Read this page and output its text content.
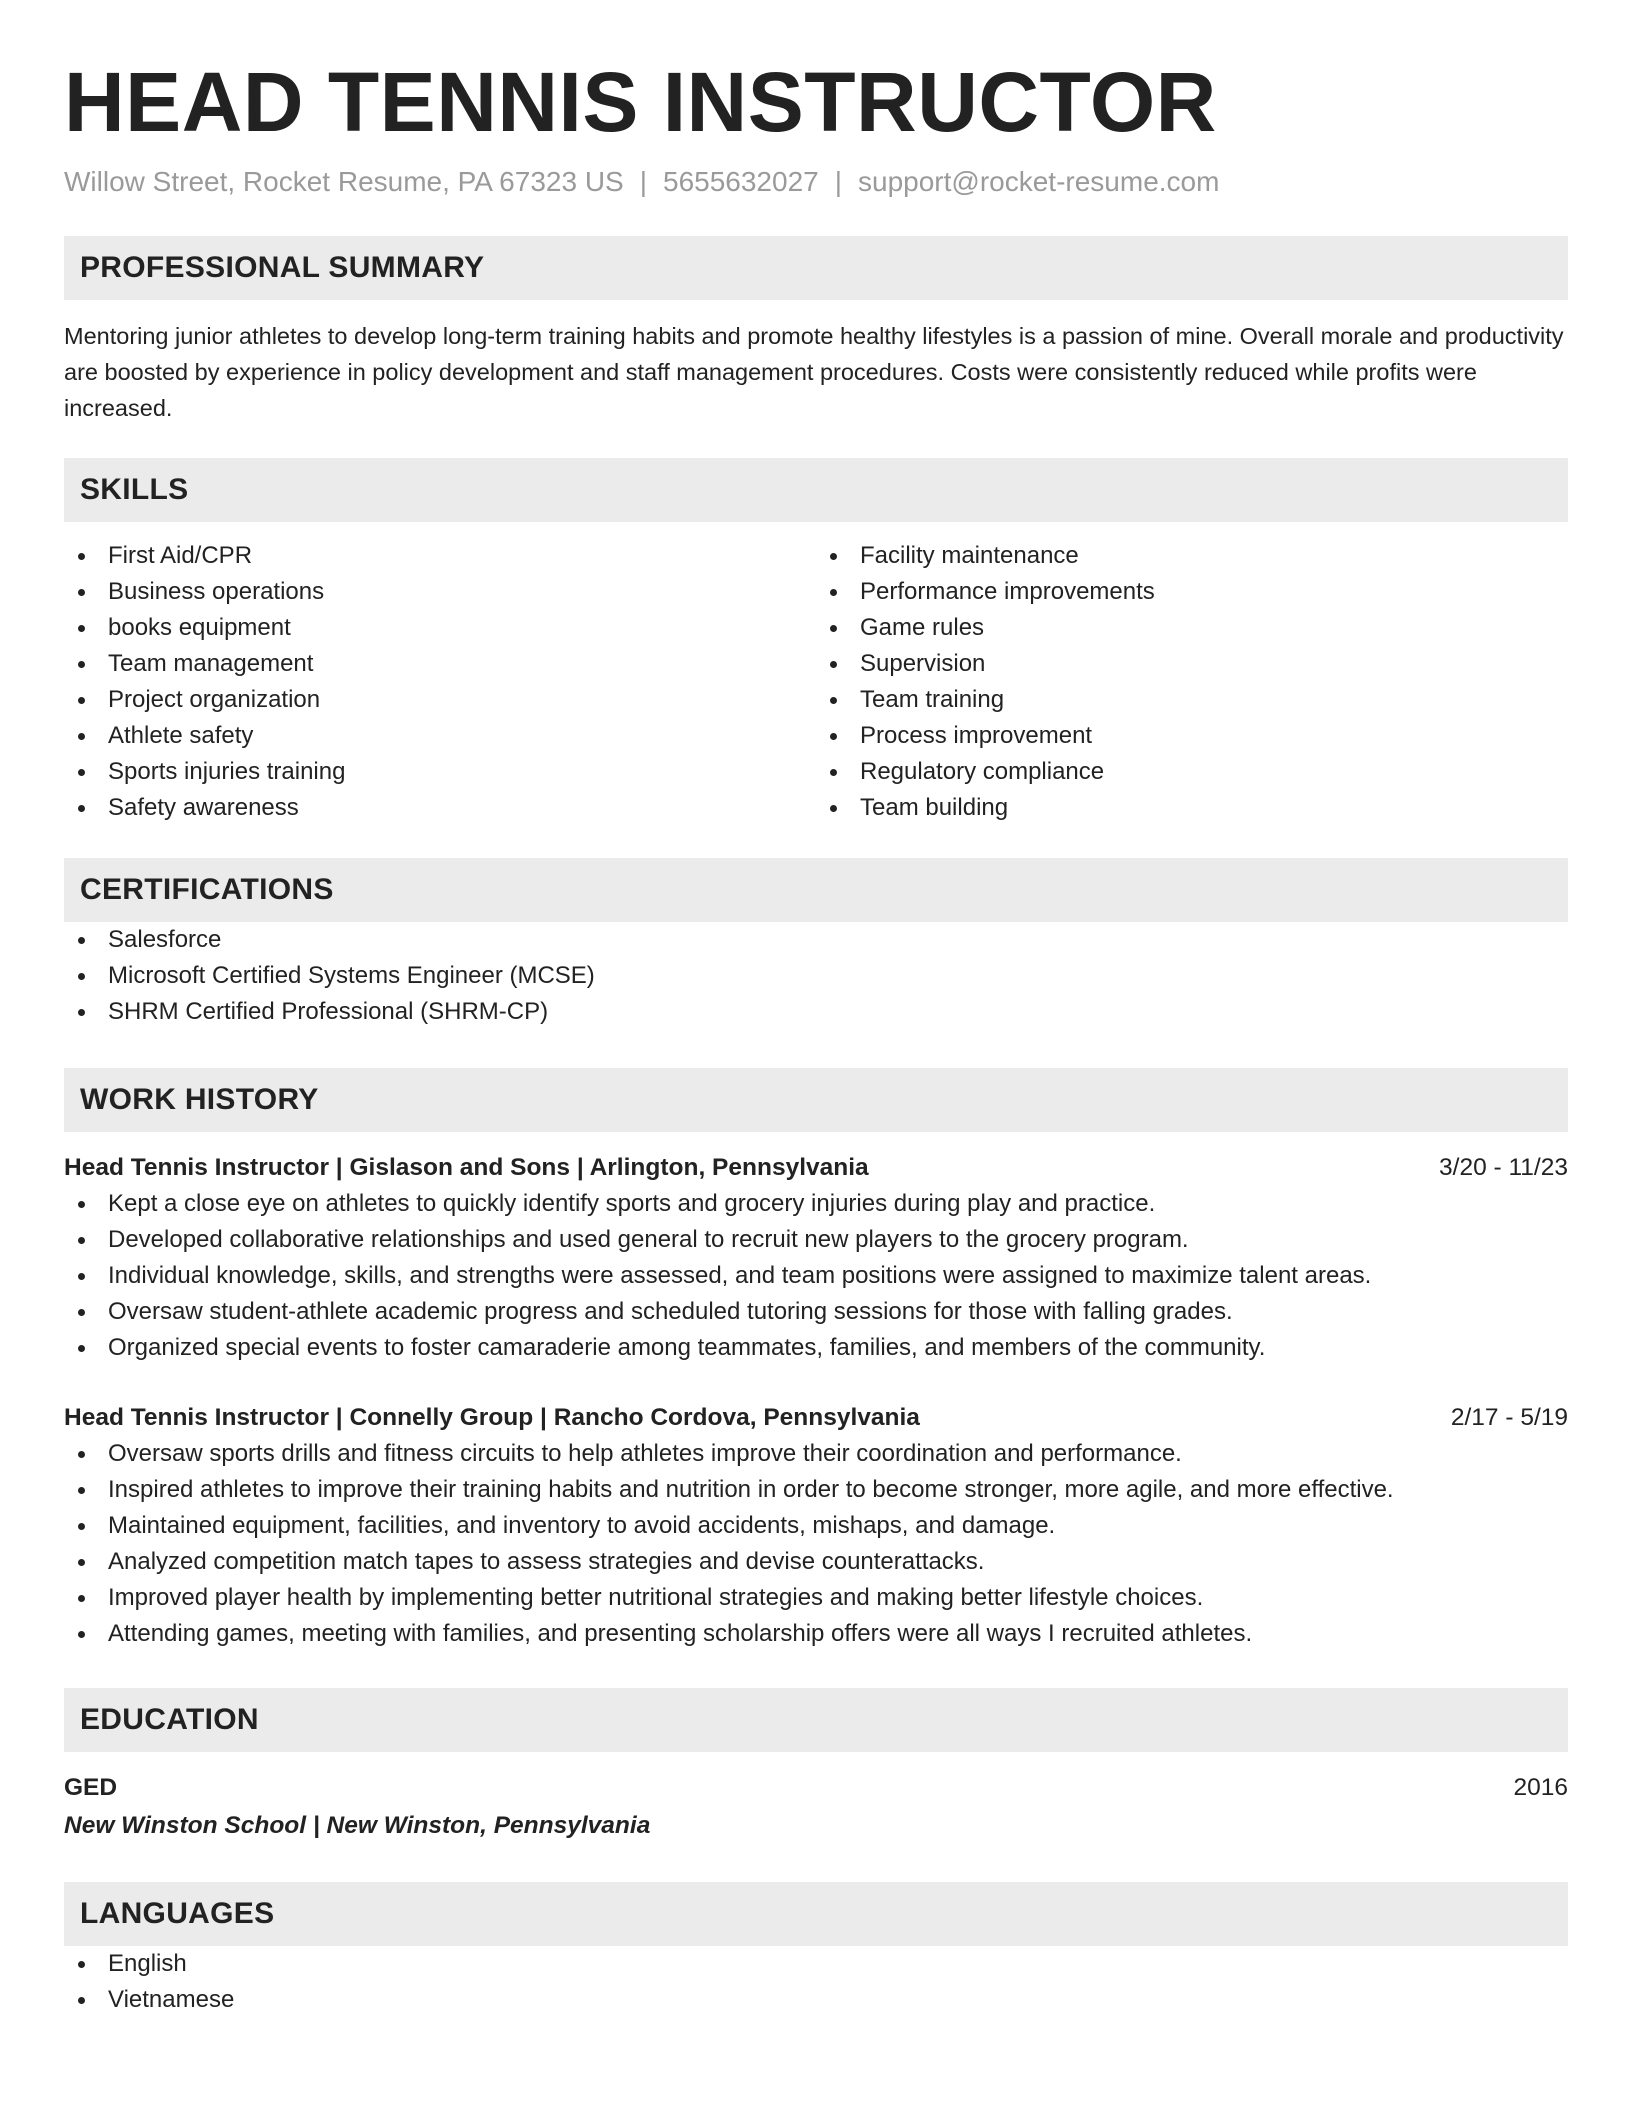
HEAD TENNIS INSTRUCTOR
Willow Street, Rocket Resume, PA 67323 US | 5655632027 | support@rocket-resume.com
PROFESSIONAL SUMMARY
Mentoring junior athletes to develop long-term training habits and promote healthy lifestyles is a passion of mine. Overall morale and productivity are boosted by experience in policy development and staff management procedures. Costs were consistently reduced while profits were increased.
SKILLS
First Aid/CPR
Business operations
books equipment
Team management
Project organization
Athlete safety
Sports injuries training
Safety awareness
Facility maintenance
Performance improvements
Game rules
Supervision
Team training
Process improvement
Regulatory compliance
Team building
CERTIFICATIONS
Salesforce
Microsoft Certified Systems Engineer (MCSE)
SHRM Certified Professional (SHRM-CP)
WORK HISTORY
Head Tennis Instructor | Gislason and Sons | Arlington, Pennsylvania	3/20 - 11/23
Kept a close eye on athletes to quickly identify sports and grocery injuries during play and practice.
Developed collaborative relationships and used general to recruit new players to the grocery program.
Individual knowledge, skills, and strengths were assessed, and team positions were assigned to maximize talent areas.
Oversaw student-athlete academic progress and scheduled tutoring sessions for those with falling grades.
Organized special events to foster camaraderie among teammates, families, and members of the community.
Head Tennis Instructor | Connelly Group | Rancho Cordova, Pennsylvania	2/17 - 5/19
Oversaw sports drills and fitness circuits to help athletes improve their coordination and performance.
Inspired athletes to improve their training habits and nutrition in order to become stronger, more agile, and more effective.
Maintained equipment, facilities, and inventory to avoid accidents, mishaps, and damage.
Analyzed competition match tapes to assess strategies and devise counterattacks.
Improved player health by implementing better nutritional strategies and making better lifestyle choices.
Attending games, meeting with families, and presenting scholarship offers were all ways I recruited athletes.
EDUCATION
GED	2016
New Winston School | New Winston, Pennsylvania
LANGUAGES
English
Vietnamese
